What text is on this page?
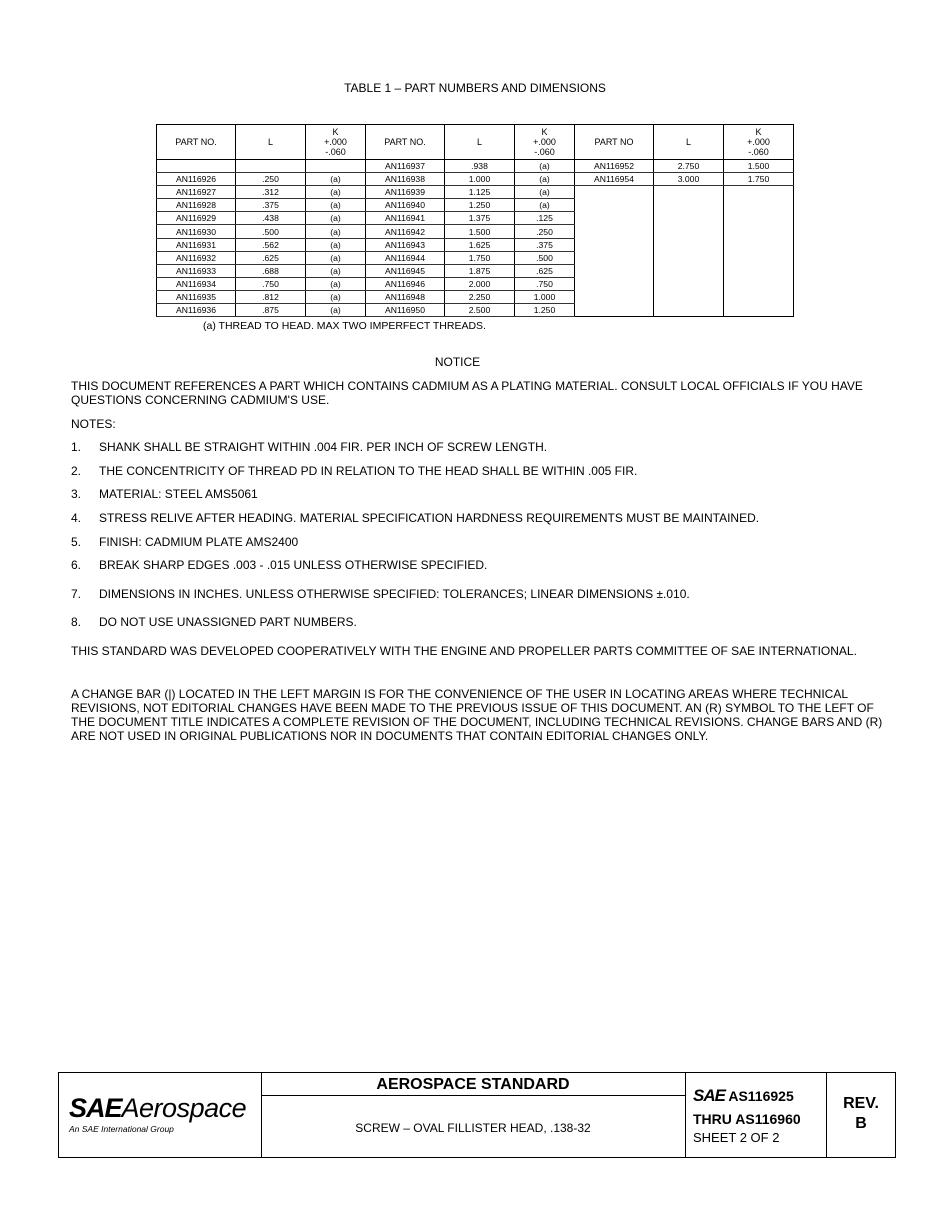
TABLE 1 – PART NUMBERS AND DIMENSIONS
PART NO.	L	K
+.000
-.060	PART NO.	L	K
+.000
-.060	PART NO	L	K
+.000
-.060
			AN116937	.938	(a)	AN116952	2.750	1.500
AN116926	.250	(a)	AN116938	1.000	(a)	AN116954	3.000	1.750
AN116927	.312	(a)	AN116939	1.125	(a)			
AN116928	.375	(a)	AN116940	1.250	(a)			
AN116929	.438	(a)	AN116941	1.375	.125			
AN116930	.500	(a)	AN116942	1.500	.250			
AN116931	.562	(a)	AN116943	1.625	.375			
AN116932	.625	(a)	AN116944	1.750	.500			
AN116933	.688	(a)	AN116945	1.875	.625			
AN116934	.750	(a)	AN116946	2.000	.750			
AN116935	.812	(a)	AN116948	2.250	1.000			
AN116936	.875	(a)	AN116950	2.500	1.250			
(a) THREAD TO HEAD. MAX TWO IMPERFECT THREADS.
NOTICE
THIS DOCUMENT REFERENCES A PART WHICH CONTAINS CADMIUM AS A PLATING MATERIAL. CONSULT LOCAL OFFICIALS IF YOU HAVE QUESTIONS CONCERNING CADMIUM'S USE.
NOTES:
1. SHANK SHALL BE STRAIGHT WITHIN .004 FIR. PER INCH OF SCREW LENGTH.
2. THE CONCENTRICITY OF THREAD PD IN RELATION TO THE HEAD SHALL BE WITHIN .005 FIR.
3. MATERIAL: STEEL AMS5061
4. STRESS RELIVE AFTER HEADING. MATERIAL SPECIFICATION HARDNESS REQUIREMENTS MUST BE MAINTAINED.
5. FINISH: CADMIUM PLATE AMS2400
6. BREAK SHARP EDGES .003 - .015 UNLESS OTHERWISE SPECIFIED.
7. DIMENSIONS IN INCHES. UNLESS OTHERWISE SPECIFIED: TOLERANCES; LINEAR DIMENSIONS ±.010.
8. DO NOT USE UNASSIGNED PART NUMBERS.
THIS STANDARD WAS DEVELOPED COOPERATIVELY WITH THE ENGINE AND PROPELLER PARTS COMMITTEE OF SAE INTERNATIONAL.
A CHANGE BAR (|) LOCATED IN THE LEFT MARGIN IS FOR THE CONVENIENCE OF THE USER IN LOCATING AREAS WHERE TECHNICAL REVISIONS, NOT EDITORIAL CHANGES HAVE BEEN MADE TO THE PREVIOUS ISSUE OF THIS DOCUMENT. AN (R) SYMBOL TO THE LEFT OF THE DOCUMENT TITLE INDICATES A COMPLETE REVISION OF THE DOCUMENT, INCLUDING TECHNICAL REVISIONS. CHANGE BARS AND (R) ARE NOT USED IN ORIGINAL PUBLICATIONS NOR IN DOCUMENTS THAT CONTAIN EDITORIAL CHANGES ONLY.
SAEAerospace
An SAE International Group
AEROSPACE STANDARD
SCREW – OVAL FILLISTER HEAD, .138-32
SAE AS116925
THRU AS116960
SHEET 2 OF 2
REV.
B
